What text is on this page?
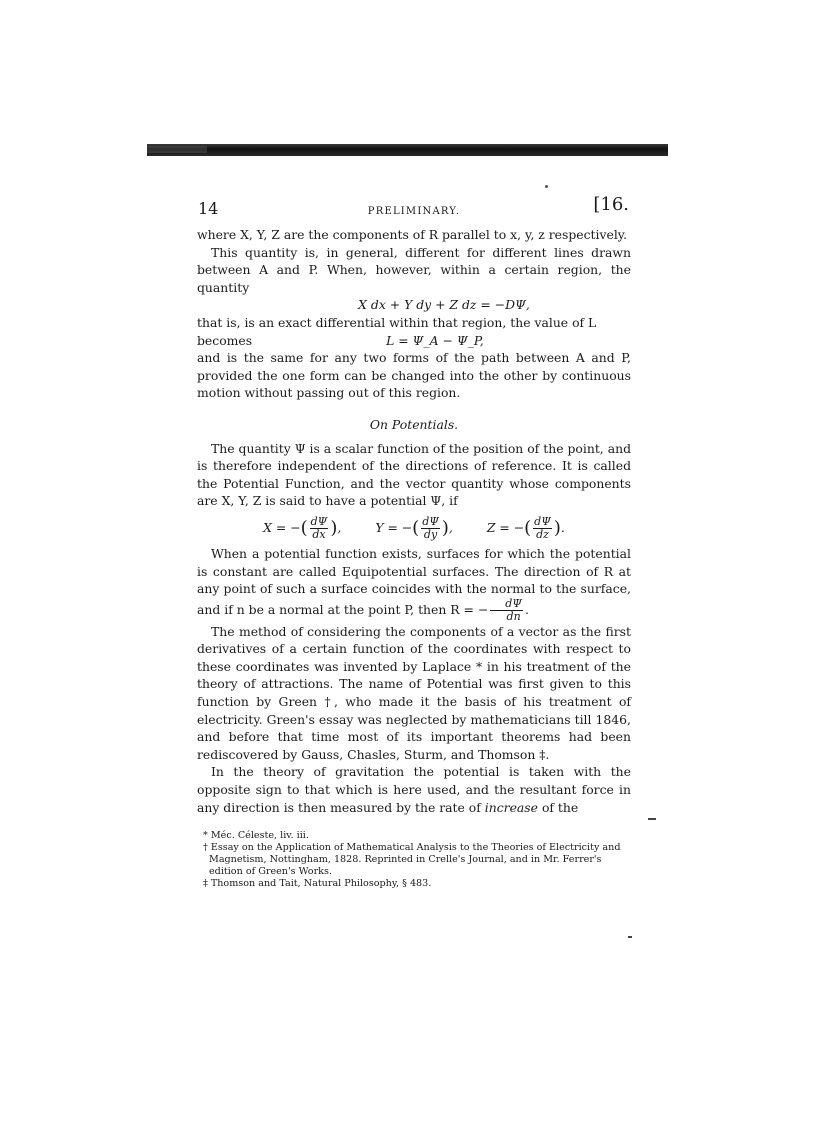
14	PRELIMINARY.	[16.

where X, Y, Z are the components of R parallel to x, y, z respectively.

This quantity is, in general, different for different lines drawn between A and P. When, however, within a certain region, the quantity

X dx + Y dy + Z dz = −DΨ,

that is, is an exact differential within that region, the value of L

becomes	L = Ψ_A − Ψ_P,

and is the same for any two forms of the path between A and P, provided the one form can be changed into the other by continuous motion without passing out of this region.

On Potentials.

The quantity Ψ is a scalar function of the position of the point, and is therefore independent of the directions of reference. It is called the Potential Function, and the vector quantity whose components are X, Y, Z is said to have a potential Ψ, if

X = −( $\frac{d\Psi}{dx}$ ),	Y = −( $\frac{d\Psi}{dy}$ ),	Z = −( $\frac{d\Psi}{dz}$ ).

When a potential function exists, surfaces for which the potential is constant are called Equipotential surfaces. The direction of R at any point of such a surface coincides with the normal to the surface, and if n be a normal at the point P, then R = − $\frac{d\Psi}{dn}$ .

The method of considering the components of a vector as the first derivatives of a certain function of the coordinates with respect to these coordinates was invented by Laplace * in his treatment of the theory of attractions. The name of Potential was first given to this function by Green †, who made it the basis of his treatment of electricity. Green's essay was neglected by mathematicians till 1846, and before that time most of its important theorems had been rediscovered by Gauss, Chasles, Sturm, and Thomson ‡.

In the theory of gravitation the potential is taken with the opposite sign to that which is here used, and the resultant force in any direction is then measured by the rate of increase of the

* Méc. Céleste, liv. iii.

† Essay on the Application of Mathematical Analysis to the Theories of Electricity and Magnetism, Nottingham, 1828. Reprinted in Crelle's Journal, and in Mr. Ferrer's edition of Green's Works.

‡ Thomson and Tait, Natural Philosophy, § 483.
